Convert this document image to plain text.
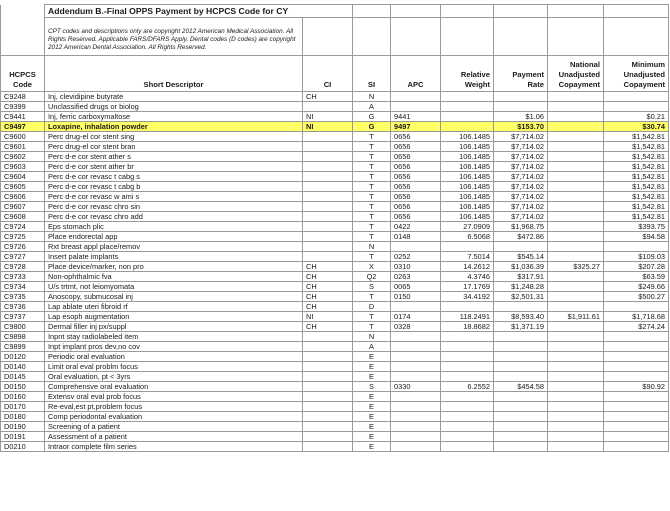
	Addendum B.-Final OPPS Payment by HCPCS Code for CY							
	CPT codes and descriptions only are copyright 2012 American Medical Association. All Rights Reserved. Applicable FARS/DFARS Apply. Dental codes (D codes) are copyright 2012 American Dental Association. All Rights Reserved.							
HCPCS Code	Short Descriptor	CI	SI	APC	Relative Weight	Payment Rate	National Unadjusted Copayment	Minimum Unadjusted Copayment
C9248	Inj, clevidipine butyrate	CH	N					
C9399	Unclassified drugs or biolog		A					
C9441	Inj, ferric carboxymaltose	NI	G	9441		$1.06		$0.21
C9497	Loxapine, inhalation powder	NI	G	9497		$153.70		$30.74
C9600	Perc drug-el cor stent sing		T	0656	106.1485	$7,714.02		$1,542.81
C9601	Perc drug-el cor stent bran		T	0656	106.1485	$7,714.02		$1,542.81
C9602	Perc d-e cor stent ather s		T	0656	106.1485	$7,714.02		$1,542.81
C9603	Perc d-e cor stent ather br		T	0656	106.1485	$7,714.02		$1,542.81
C9604	Perc d-e cor revasc t cabg s		T	0656	106.1485	$7,714.02		$1,542.81
C9605	Perc d-e cor revasc t cabg b		T	0656	106.1485	$7,714.02		$1,542.81
C9606	Perc d-e cor revasc w ami s		T	0656	106.1485	$7,714.02		$1,542.81
C9607	Perc d-e cor revasc chro sin		T	0656	106.1485	$7,714.02		$1,542.81
C9608	Perc d-e cor revasc chro add		T	0656	106.1485	$7,714.02		$1,542.81
C9724	Eps stomach plic		T	0422	27.0909	$1,968.75		$393.75
C9725	Place endorectal app		T	0148	6.5068	$472.86		$94.58
C9726	Rxt breast appl place/remov		N					
C9727	Insert palate implants		T	0252	7.5014	$545.14		$109.03
C9728	Place device/marker, non pro	CH	X	0310	14.2612	$1,036.39	$325.27	$207.28
C9733	Non-ophthalmic fva	CH	Q2	0263	4.3746	$317.91		$63.59
C9734	U/s trtmt, not leiomyomata	CH	S	0065	17.1769	$1,248.28		$249.66
C9735	Anoscopy, submucosal inj	CH	T	0150	34.4192	$2,501.31		$500.27
C9736	Lap ablate uteri fibroid rf	CH	D					
C9737	Lap esoph augmentation	NI	T	0174	118.2491	$8,593.40	$1,911.61	$1,718.68
C9800	Dermal filler inj px/suppl	CH	T	0328	18.8682	$1,371.19		$274.24
C9898	Inpnt stay radiolabeled item		N					
C9899	Inpt implant pros dev,no cov		A					
D0120	Periodic oral evaluation		E					
D0140	Limit oral eval problm focus		E					
D0145	Oral evaluation, pt < 3yrs		E					
D0150	Comprehensve oral evaluation		S	0330	6.2552	$454.58		$90.92
D0160	Extensv oral eval prob focus		E					
D0170	Re-eval,est pt,problem focus		E					
D0180	Comp periodontal evaluation		E					
D0190	Screening of a patient		E					
D0191	Assessment of a patient		E					
D0210	Intraor complete film series		E					
